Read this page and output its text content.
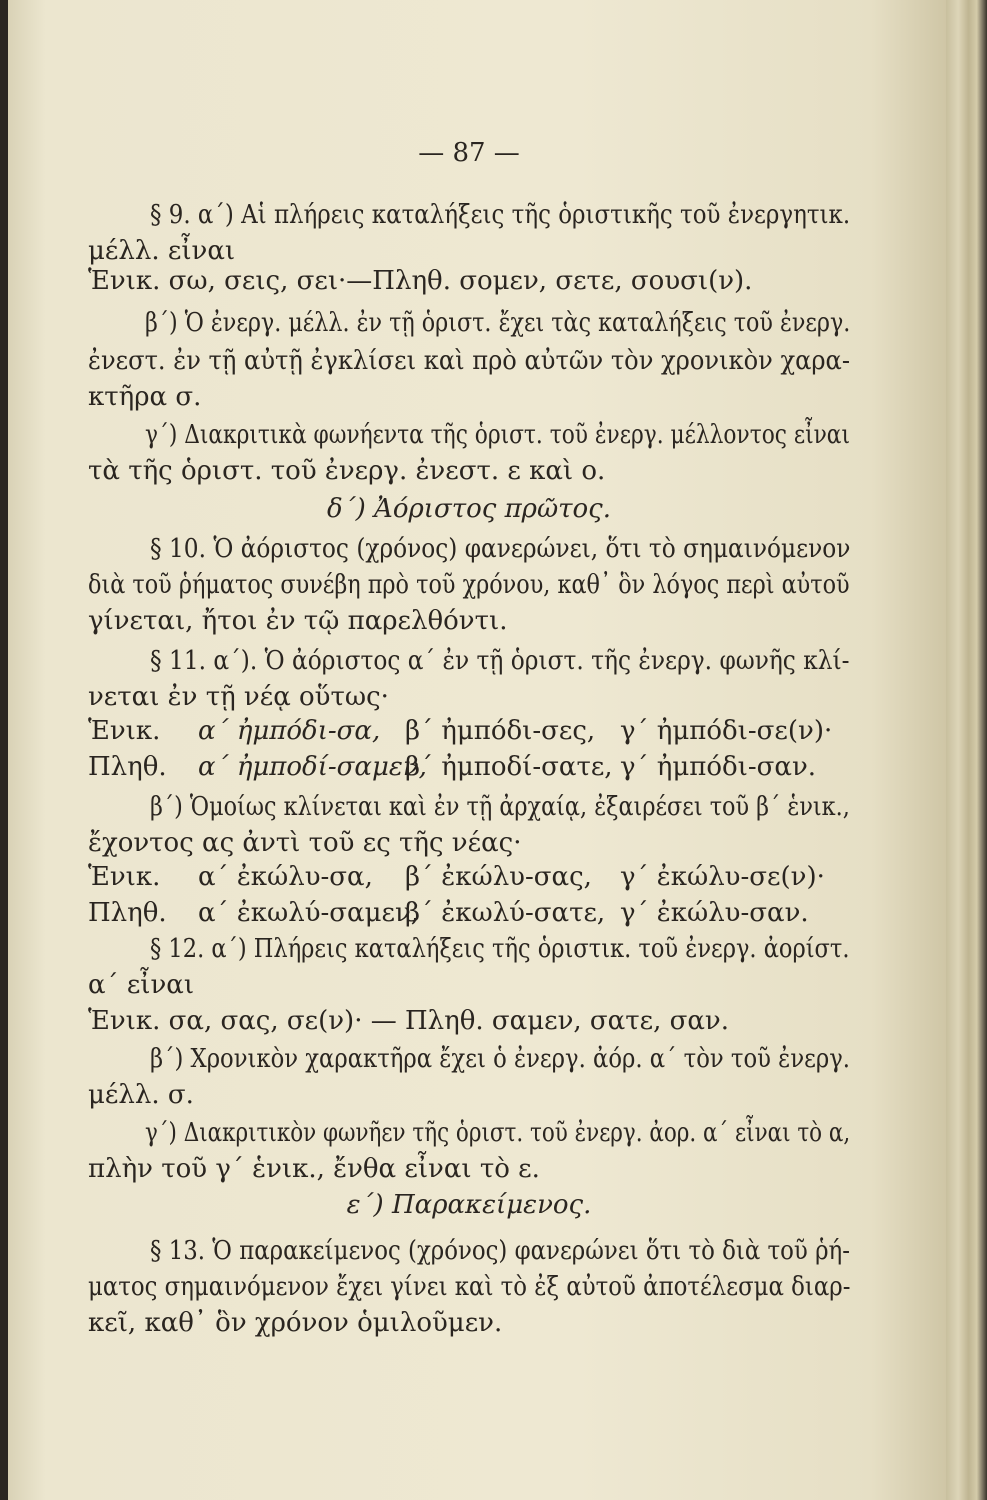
— 87 —
§ 9. α΄) Αἱ πλήρεις καταλήξεις τῆς ὁριστικῆς τοῦ ἐνεργητικ.
μέλλ. εἶναι
Ἑνικ. σω, σεις, σει·—Πληθ. σομεν, σετε, σουσι(ν).
β΄) Ὁ ἐνεργ. μέλλ. ἐν τῇ ὁριστ. ἔχει τὰς καταλήξεις τοῦ ἐνεργ.
ἐνεστ. ἐν τῇ αὐτῇ ἐγκλίσει καὶ πρὸ αὐτῶν τὸν χρονικὸν χαρα-
κτῆρα σ.
γ΄) Διακριτικὰ φωνήεντα τῆς ὁριστ. τοῦ ἐνεργ. μέλλοντος εἶναι
τὰ τῆς ὁριστ. τοῦ ἐνεργ. ἐνεστ. ε καὶ ο.
δ΄) Ἀόριστος πρῶτος.
§ 10. Ὁ ἀόριστος (χρόνος) φανερώνει, ὅτι τὸ σημαινόμενον
διὰ τοῦ ῥήματος συνέβη πρὸ τοῦ χρόνου, καθ᾽ ὃν λόγος περὶ αὐτοῦ
γίνεται, ἤτοι ἐν τῷ παρελθόντι.
§ 11. α΄). Ὁ ἀόριστος α΄ ἐν τῇ ὁριστ. τῆς ἐνεργ. φωνῆς κλί-
νεται ἐν τῇ νέᾳ οὕτως·
Ἑνικ. α΄ ἠμπόδι-σα, β΄ ἠμπόδι-σες, γ΄ ἠμπόδι-σε(ν)·
Πληθ. α΄ ἠμποδί-σαμεν,
β΄ ἠμποδί-σατε, γ΄ ἠμπόδι-σαν.
β΄) Ὁμοίως κλίνεται καὶ ἐν τῇ ἀρχαίᾳ, ἐξαιρέσει τοῦ β΄ ἑνικ.,
ἔχοντος ας ἀντὶ τοῦ ες τῆς νέας·
Ἑνικ. α΄ ἐκώλυ-σα, β΄ ἐκώλυ-σας, γ΄ ἐκώλυ-σε(ν)·
Πληθ. α΄ ἐκωλύ-σαμεν,
β΄ ἐκωλύ-σατε, γ΄ ἐκώλυ-σαν.
§ 12. α΄) Πλήρεις καταλήξεις τῆς ὁριστικ. τοῦ ἐνεργ. ἀορίστ.
α΄ εἶναι
Ἑνικ. σα, σας, σε(ν)· — Πληθ. σαμεν, σατε, σαν.
β΄) Χρονικὸν χαρακτῆρα ἔχει ὁ ἐνεργ. ἀόρ. α΄ τὸν τοῦ ἐνεργ.
μέλλ. σ.
γ΄) Διακριτικὸν φωνῆεν τῆς ὁριστ. τοῦ ἐνεργ. ἀορ. α΄ εἶναι τὸ α,
πλὴν τοῦ γ΄ ἑνικ., ἔνθα εἶναι τὸ ε.
ε΄) Παρακείμενος.
§ 13. Ὁ παρακείμενος (χρόνος) φανερώνει ὅτι τὸ διὰ τοῦ ῥή-
ματος σημαινόμενον ἔχει γίνει καὶ τὸ ἐξ αὐτοῦ ἀποτέλεσμα διαρ-
κεῖ, καθ᾽ ὃν χρόνον ὁμιλοῦμεν.
